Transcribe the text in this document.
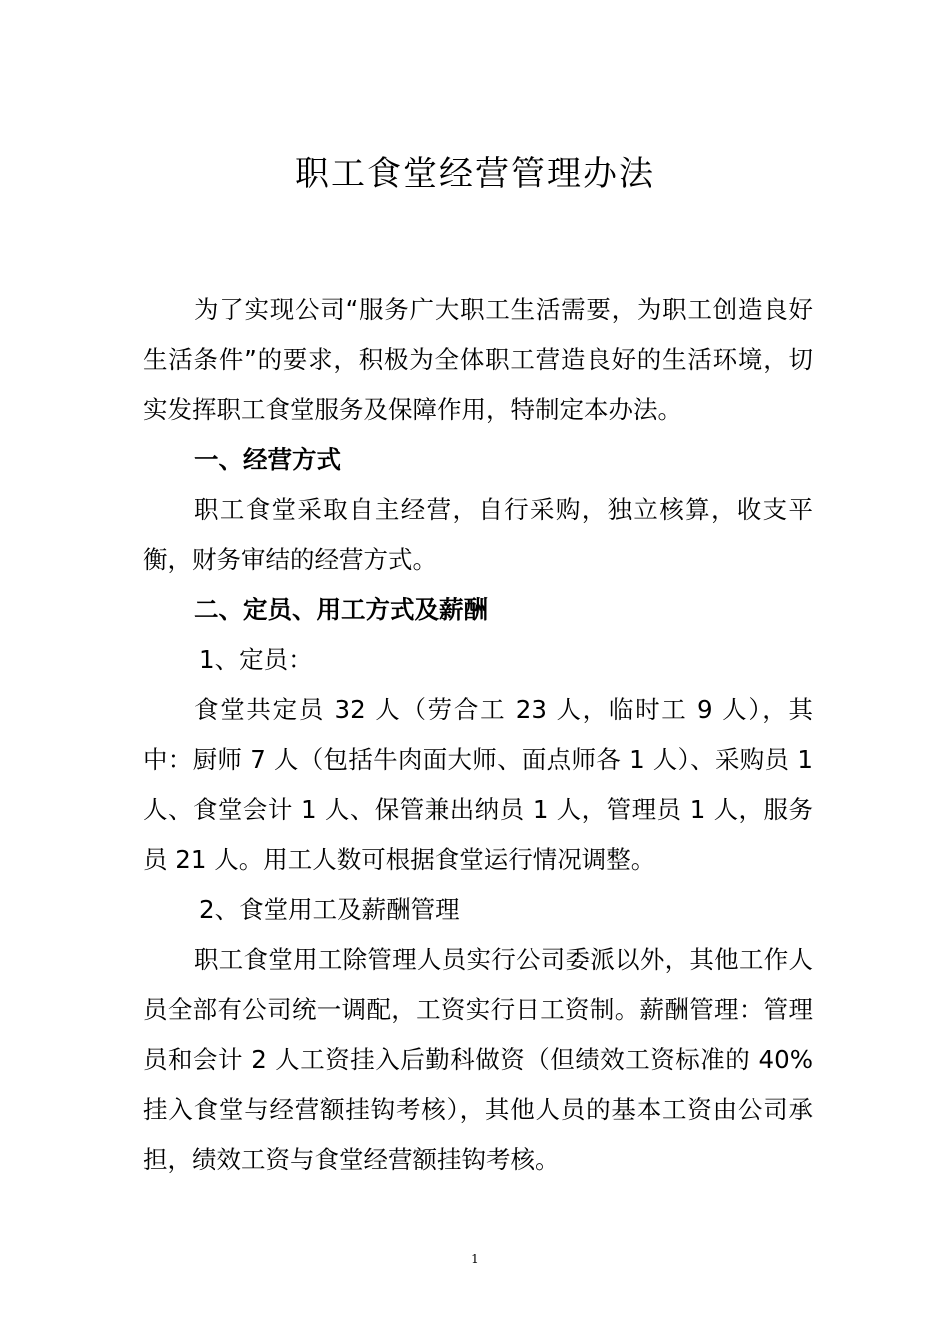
职工食堂经营管理办法

为了实现公司“服务广大职工生活需要，为职工创造良好生活条件”的要求，积极为全体职工营造良好的生活环境，切实发挥职工食堂服务及保障作用，特制定本办法。

一、经营方式

职工食堂采取自主经营，自行采购，独立核算，收支平衡，财务审结的经营方式。

二、定员、用工方式及薪酬

1、定员：

食堂共定员 32 人（劳合工 23 人，临时工 9 人），其中：厨师 7 人（包括牛肉面大师、面点师各 1 人）、采购员 1 人、食堂会计 1 人、保管兼出纳员 1 人，管理员 1 人，服务员 21 人。用工人数可根据食堂运行情况调整。

2、食堂用工及薪酬管理

职工食堂用工除管理人员实行公司委派以外，其他工作人员全部有公司统一调配，工资实行日工资制。薪酬管理：管理员和会计 2 人工资挂入后勤科做资（但绩效工资标准的 40%挂入食堂与经营额挂钩考核），其他人员的基本工资由公司承担，绩效工资与食堂经营额挂钩考核。

1
